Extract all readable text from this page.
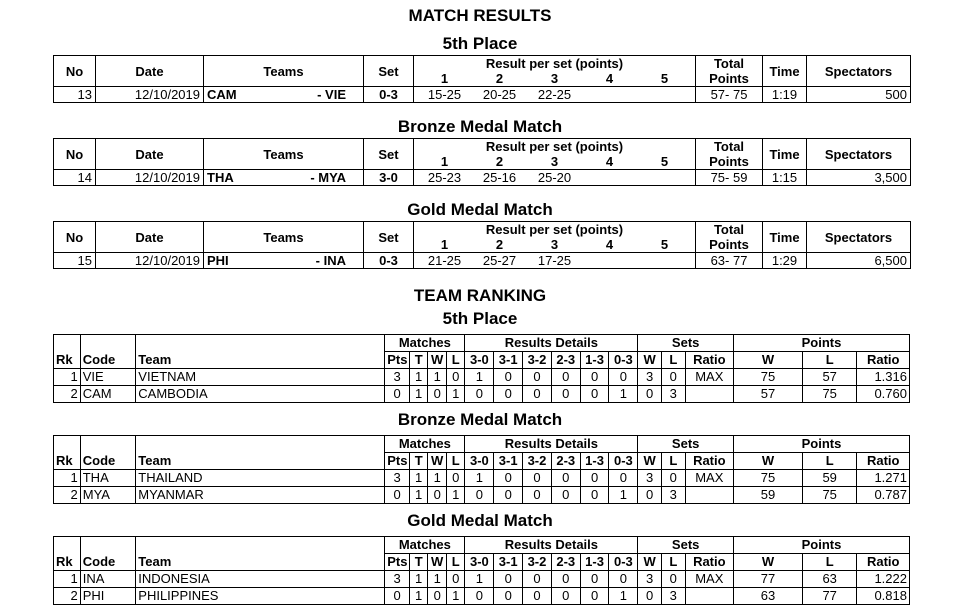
MATCH RESULTS
5th Place
No	Date	Teams	Set	Result per set (points)	Total	Time	Spectators

				1 2 3 4 5	Points		
13	12/10/2019	CAM - VIE	0-3	15-25 20-25 22-25	57- 75	1:19	500
Bronze Medal Match
No	Date	Teams	Set	Result per set (points)	Total	Time	Spectators

				1 2 3 4 5	Points		
14	12/10/2019	THA - MYA	3-0	25-23 25-16 25-20	75- 59	1:15	3,500
Gold Medal Match
No	Date	Teams	Set	Result per set (points)	Total	Time	Spectators

				1 2 3 4 5	Points		
15	12/10/2019	PHI - INA	0-3	21-25 25-27 17-25	63- 77	1:29	6,500
TEAM RANKING
5th Place
			Matches				Results Details						Sets			Points		
Rk	Code	Team	Pts	T	W	L	3-0	3-1	3-2	2-3	1-3	0-3	W	L	Ratio	W	L	Ratio
1	VIE	VIETNAM	3	1	1	0	1	0	0	0	0	0	3	0	MAX	75	57	1.316
2	CAM	CAMBODIA	0	1	0	1	0	0	0	0	0	1	0	3		57	75	0.760
Bronze Medal Match
			Matches				Results Details						Sets			Points		
Rk	Code	Team	Pts	T	W	L	3-0	3-1	3-2	2-3	1-3	0-3	W	L	Ratio	W	L	Ratio
1	THA	THAILAND	3	1	1	0	1	0	0	0	0	0	3	0	MAX	75	59	1.271
2	MYA	MYANMAR	0	1	0	1	0	0	0	0	0	1	0	3		59	75	0.787
Gold Medal Match
			Matches				Results Details						Sets			Points		
Rk	Code	Team	Pts	T	W	L	3-0	3-1	3-2	2-3	1-3	0-3	W	L	Ratio	W	L	Ratio
1	INA	INDONESIA	3	1	1	0	1	0	0	0	0	0	3	0	MAX	77	63	1.222
2	PHI	PHILIPPINES	0	1	0	1	0	0	0	0	0	1	0	3		63	77	0.818
